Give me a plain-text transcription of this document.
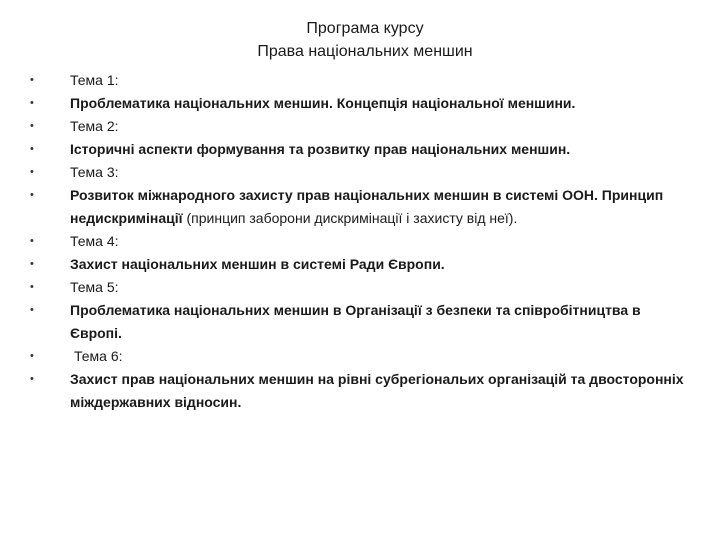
Програма курсу
Права національних меншин
•	Тема 1:
•	Проблематика національних меншин. Концепція національної меншини.
•	Тема 2:
•	Історичні аспекти формування та розвитку прав національних меншин.
•	Тема 3:
•	Розвиток міжнародного захисту прав національних меншин в системі ООН. Принцип недискримінації (принцип заборони дискримінації і захисту від неї).
•	Тема 4:
•	Захист національних меншин в системі Ради Європи.
•	Тема 5:
•	Проблематика національних меншин в Організації з безпеки та співробітництва в Європі.
•	Тема 6:
•	Захист прав національних меншин на рівні субрегіональих організацій та двосторонніх міждержавних відносин.
